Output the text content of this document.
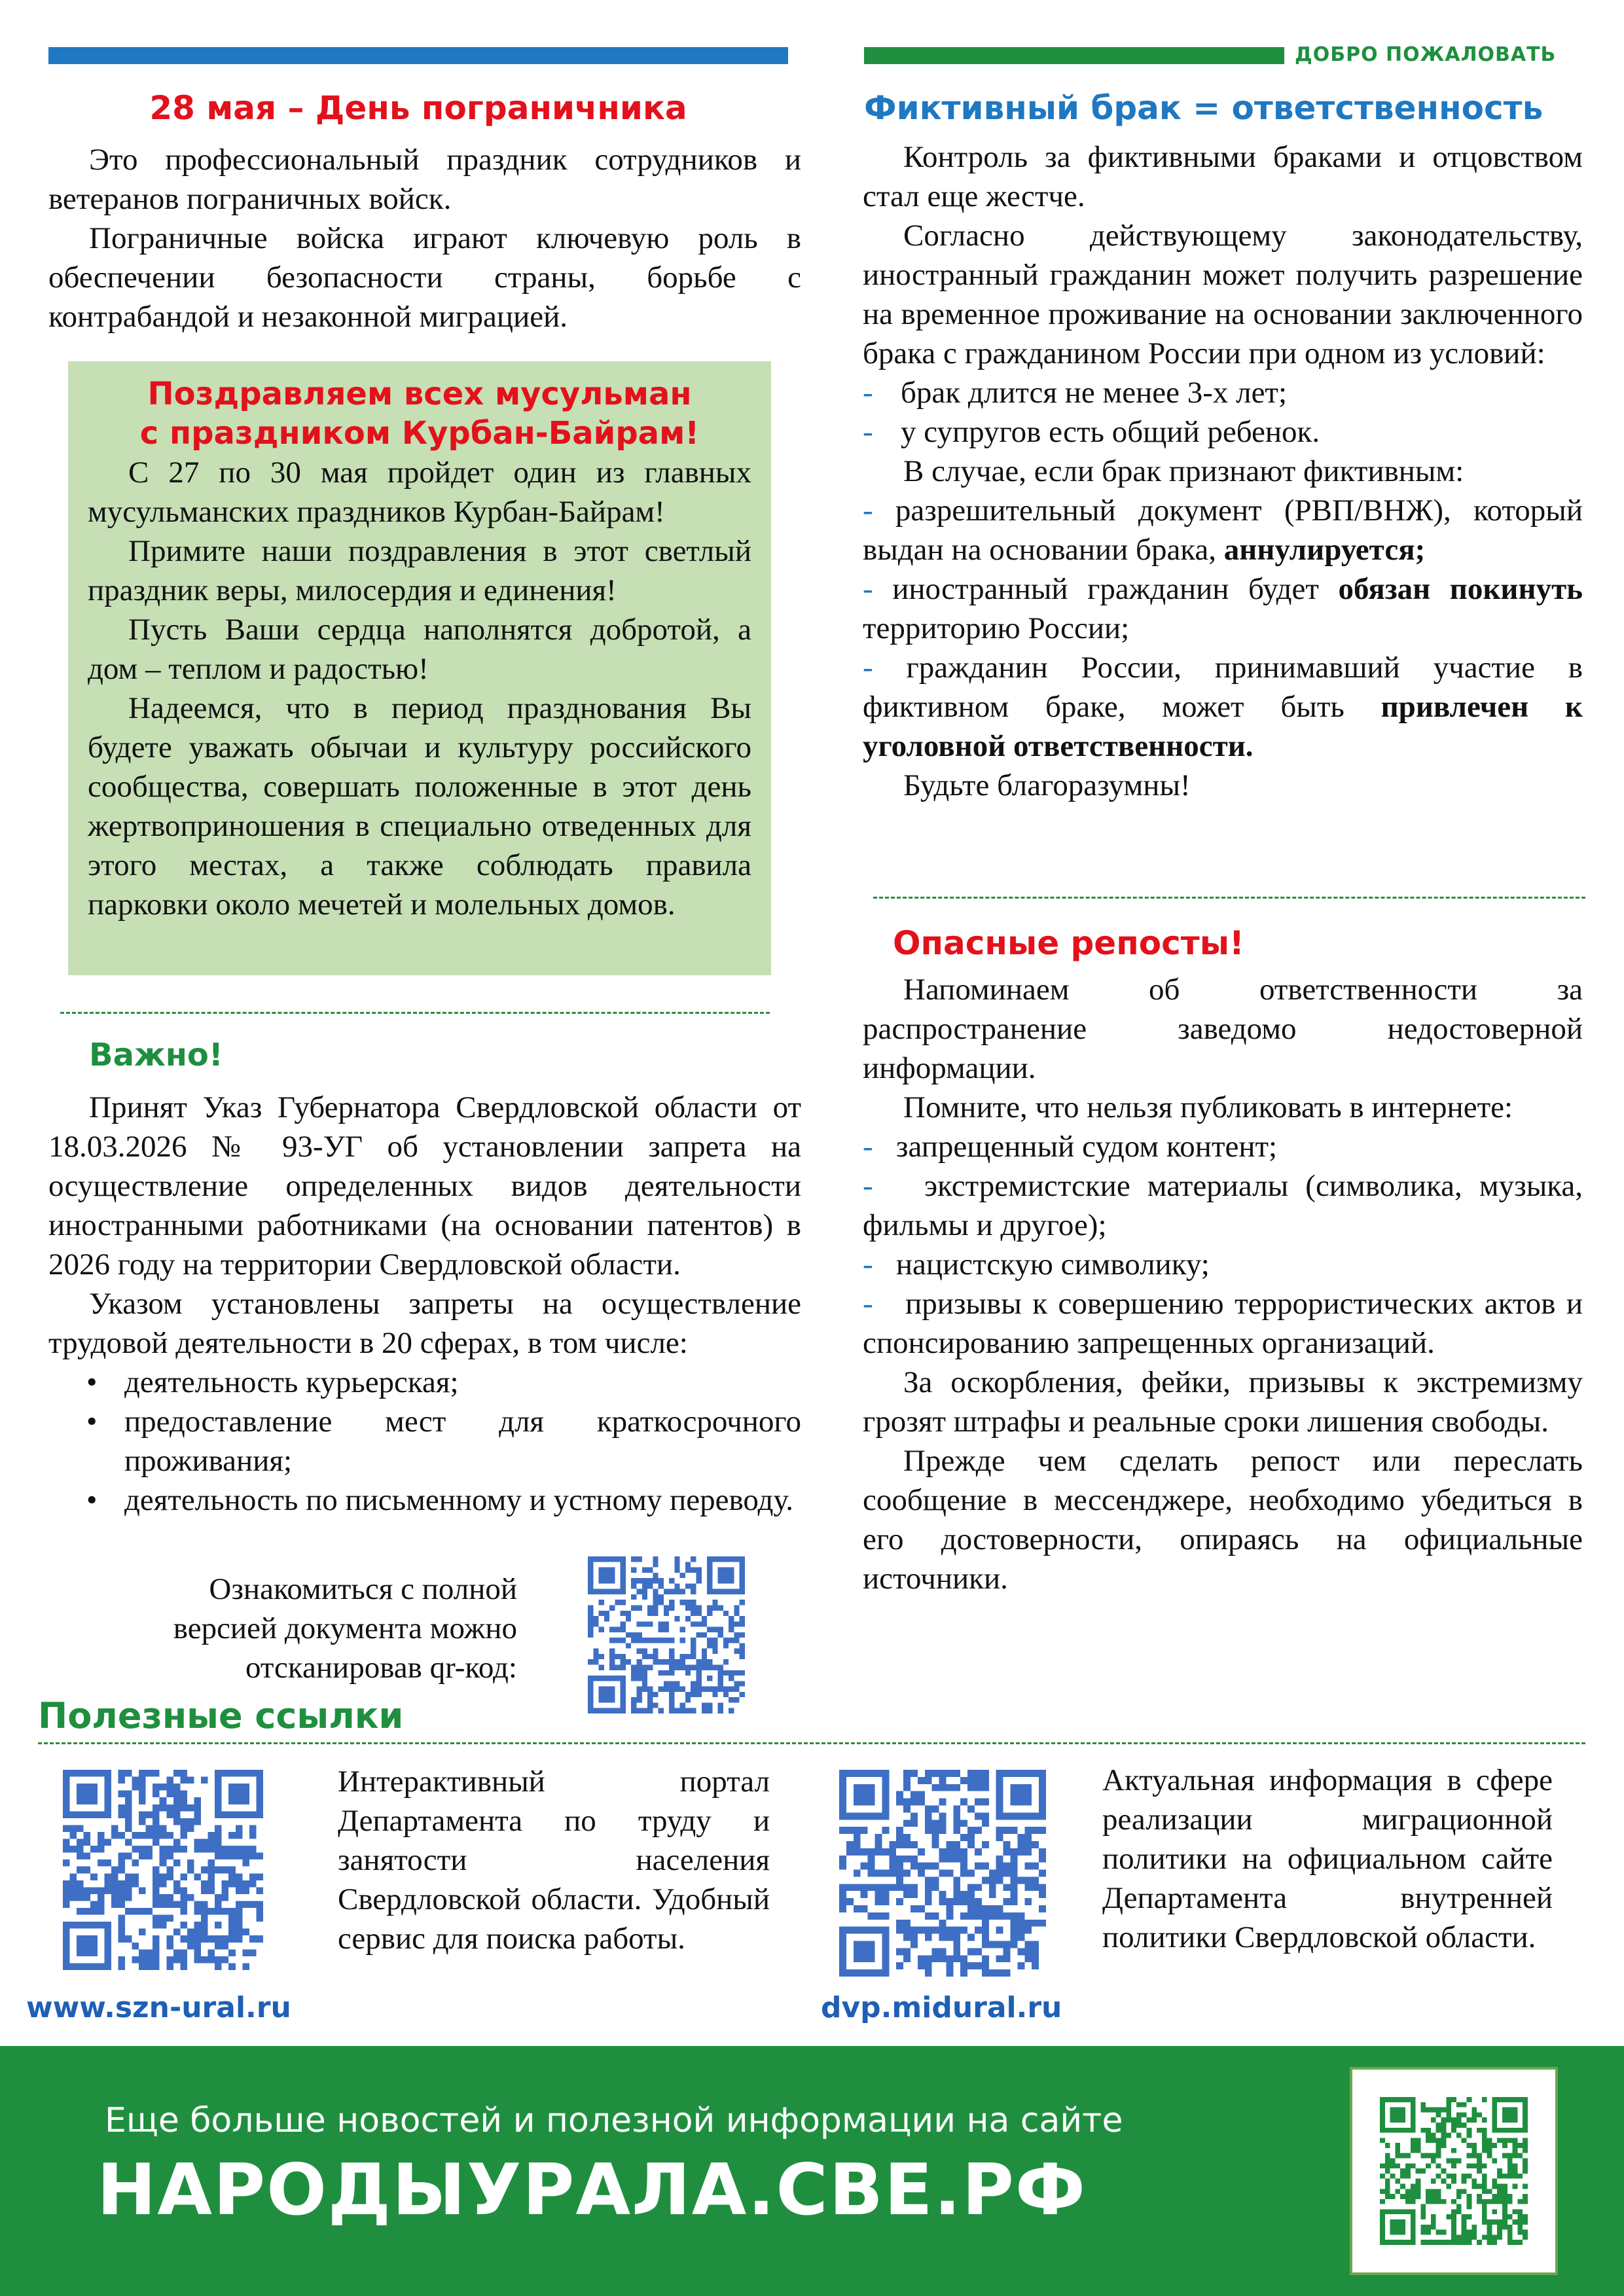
ДОБРО ПОЖАЛОВАТЬ
28 мая – День пограничника

Это профессиональный праздник сотрудников и ветеранов пограничных войск.

Пограничные войска играют ключевую роль в обеспечении безопасности страны, борьбе с контрабандой и незаконной миграцией.

Поздравляем всех мусульман
с праздником Курбан-Байрам!

С 27 по 30 мая пройдет один из главных мусульманских праздников Курбан-Байрам!

Примите наши поздравления в этот светлый праздник веры, милосердия и единения!

Пусть Ваши сердца наполнятся добротой, а дом – теплом и радостью!

Надеемся, что в период празднования Вы будете уважать обычаи и культуру российского сообщества, совершать положенные в этот день жертвоприношения в специально отведенных для этого местах, а также соблюдать правила парковки около мечетей и молельных домов.

Важно!

Принят Указ Губернатора Свердловской области от 18.03.2026 № 93-УГ об установлении запрета на осуществление определенных видов деятельности иностранными работниками (на основании патентов) в 2026 году на территории Свердловской области.

Указом установлены запреты на осуществление трудовой деятельности в 20 сферах, в том числе:

• деятельность курьерская;
• предоставление мест для краткосрочного проживания;
• деятельность по письменному и устному переводу.
Ознакомиться с полной
версией документа можно
отсканировав qr-код:
Фиктивный брак = ответственность

Контроль за фиктивными браками и отцовством стал еще жестче.

Согласно действующему законодательству, иностранный гражданин может получить разрешение на временное проживание на основании заключенного брака с гражданином России при одном из условий:

- брак длится не менее 3-х лет;
- у супругов есть общий ребенок.

В случае, если брак признают фиктивным:

- разрешительный документ (РВП/ВНЖ), который выдан на основании брака, аннулируется;
- иностранный гражданин будет обязан покинуть территорию России;
- гражданин России, принимавший участие в фиктивном браке, может быть привлечен к уголовной ответственности.

Будьте благоразумны!

Опасные репосты!

Напоминаем об ответственности за распространение заведомо недостоверной информации.

Помните, что нельзя публиковать в интернете:

- запрещенный судом контент;
- экстремистские материалы (символика, музыка, фильмы и другое);
- нацистскую символику;
- призывы к совершению террористических актов и спонсированию запрещенных организаций.

За оскорбления, фейки, призывы к экстремизму грозят штрафы и реальные сроки лишения свободы.

Прежде чем сделать репост или переслать сообщение в мессенджере, необходимо убедиться в его достоверности, опираясь на официальные источники.

Полезные ссылки
www.szn-ural.ru
Интерактивный портал Департамента по труду и занятости населения Свердловской области. Удобный сервис для поиска работы.
dvp.midural.ru
Актуальная информация в сфере реализации миграционной политики на официальном сайте Департамента внутренней политики Свердловской области.
Еще больше новостей и полезной информации на сайте
НАРОДЫУРАЛА.СВЕ.РФ
